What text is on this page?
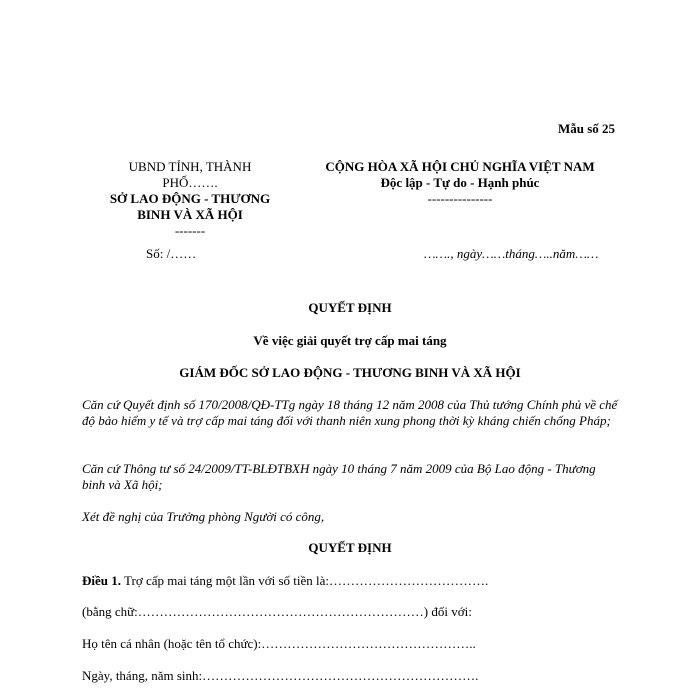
Mẫu số 25
UBND TỈNH, THÀNH
PHỐ…….
SỞ LAO ĐỘNG - THƯƠNG
BINH VÀ XÃ HỘI
-------
CỘNG HÒA XÃ HỘI CHỦ NGHĨA VIỆT NAM
Độc lập - Tự do - Hạnh phúc
---------------
Số: /……	……., ngày……tháng…..năm……
QUYẾT ĐỊNH
Về việc giải quyết trợ cấp mai táng
GIÁM ĐỐC SỞ LAO ĐỘNG - THƯƠNG BINH VÀ XÃ HỘI
Căn cứ Quyết định số 170/2008/QĐ-TTg ngày 18 tháng 12 năm 2008 của Thủ tướng Chính phủ về chế độ bảo hiểm y tế và trợ cấp mai táng đối với thanh niên xung phong thời kỳ kháng chiến chống Pháp;
Căn cứ Thông tư số 24/2009/TT-BLĐTBXH ngày 10 tháng 7 năm 2009 của Bộ Lao động - Thương binh và Xã hội;
Xét đề nghị của Trưởng phòng Người có công,
QUYẾT ĐỊNH
Điều 1. Trợ cấp mai táng một lần với số tiền là:……………………………….
(bằng chữ:…………………………………………………………) đối với:
Họ tên cá nhân (hoặc tên tổ chức):…………………………………………..
Ngày, tháng, năm sinh:……………………………………………………….
